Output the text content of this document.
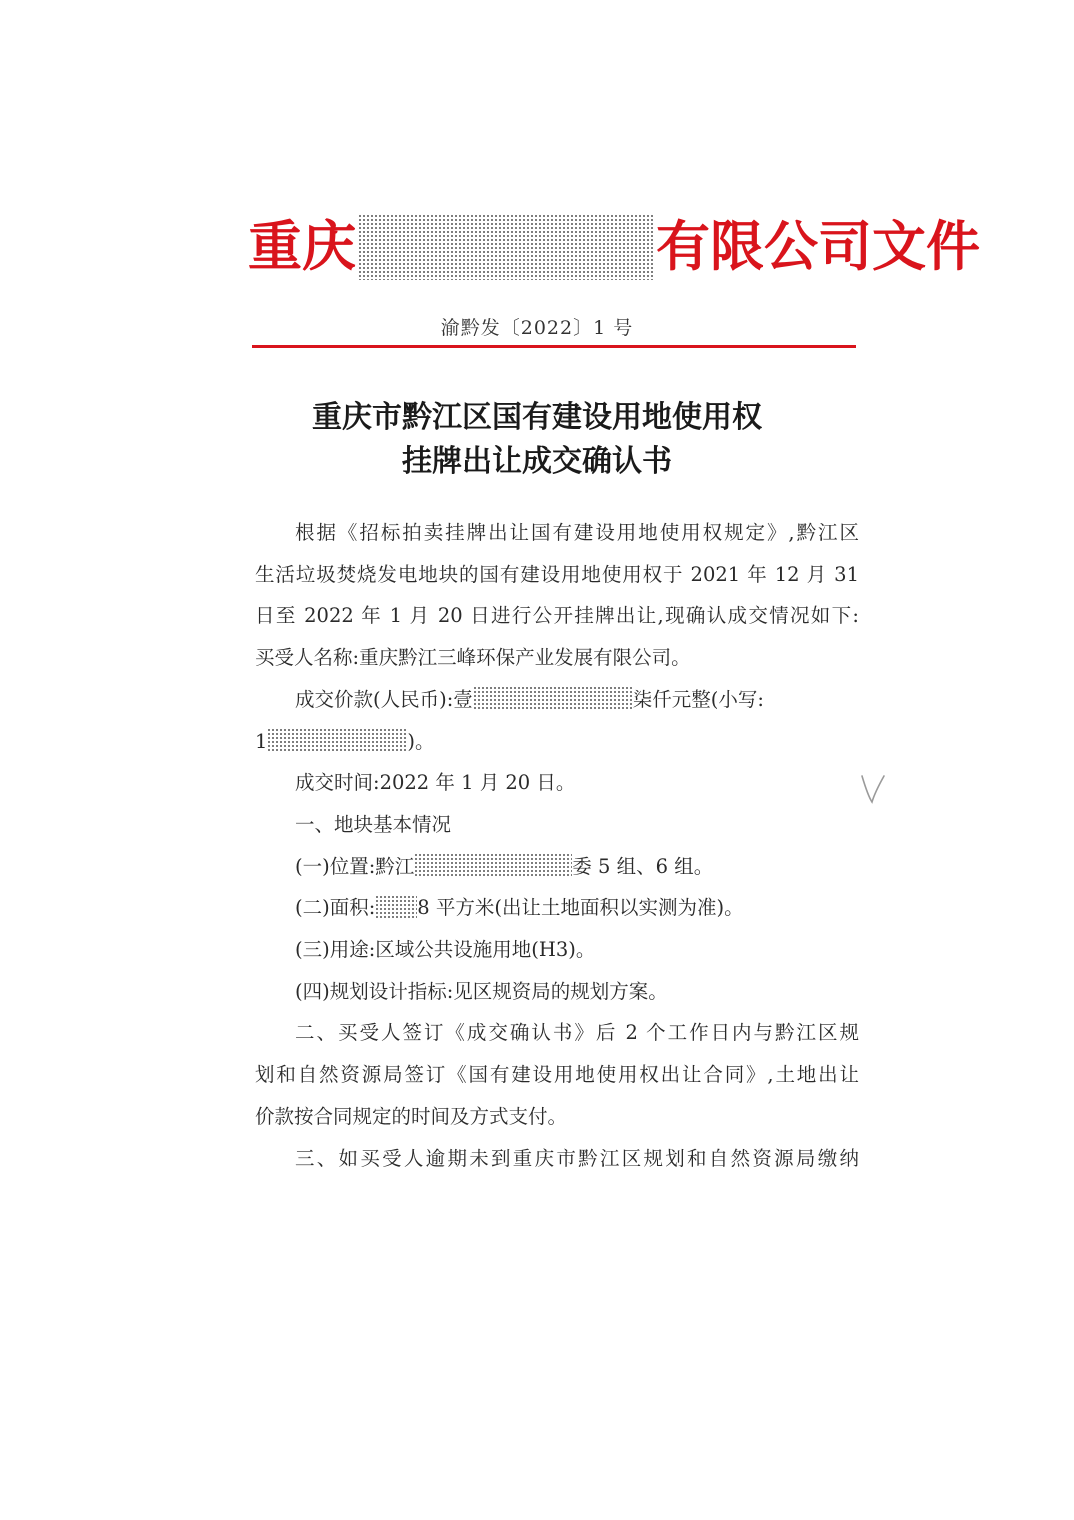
重庆	有限公司文件
渝黔发〔2022〕1 号
重庆市黔江区国有建设用地使用权
挂牌出让成交确认书

根据《招标拍卖挂牌出让国有建设用地使用权规定》,黔江区

生活垃圾焚烧发电地块的国有建设用地使用权于 2021 年 12 月 31

日至 2022 年 1 月 20 日进行公开挂牌出让,现确认成交情况如下:

买受人名称:重庆黔江三峰环保产业发展有限公司。

成交价款(人民币):壹	柒仟元整(小写:

1	)。

成交时间:2022 年 1 月 20 日。

一、地块基本情况

(一)位置:黔江	委 5 组、6 组。

(二)面积: 8 平方米(出让土地面积以实测为准)。

(三)用途:区域公共设施用地(H3)。

(四)规划设计指标:见区规资局的规划方案。

二、买受人签订《成交确认书》后 2 个工作日内与黔江区规

划和自然资源局签订《国有建设用地使用权出让合同》,土地出让

价款按合同规定的时间及方式支付。

三、如买受人逾期未到重庆市黔江区规划和自然资源局缴纳
